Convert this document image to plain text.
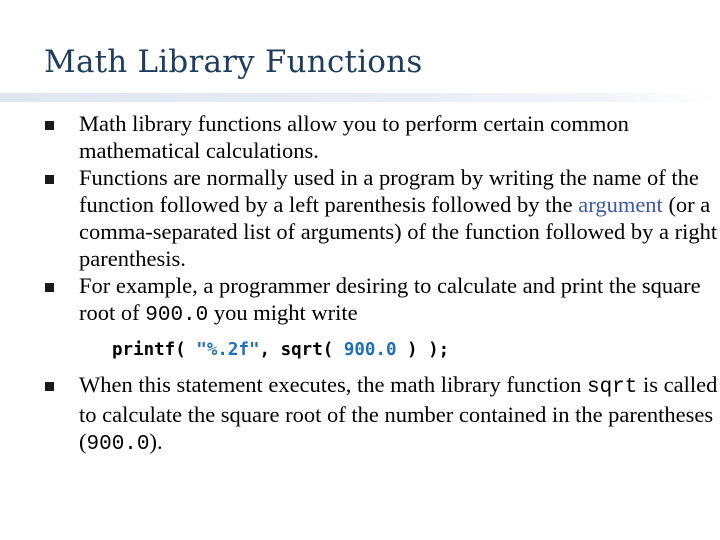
Math Library Functions
Math library functions allow you to perform certain common mathematical calculations.
Functions are normally used in a program by writing the name of the function followed by a left parenthesis followed by the argument (or a comma-separated list of arguments) of the function followed by a right parenthesis.
For example, a programmer desiring to calculate and print the square root of 900.0 you might write
printf( "%.2f", sqrt( 900.0 ) );
When this statement executes, the math library function sqrt is called to calculate the square root of the number contained in the parentheses (900.0).
